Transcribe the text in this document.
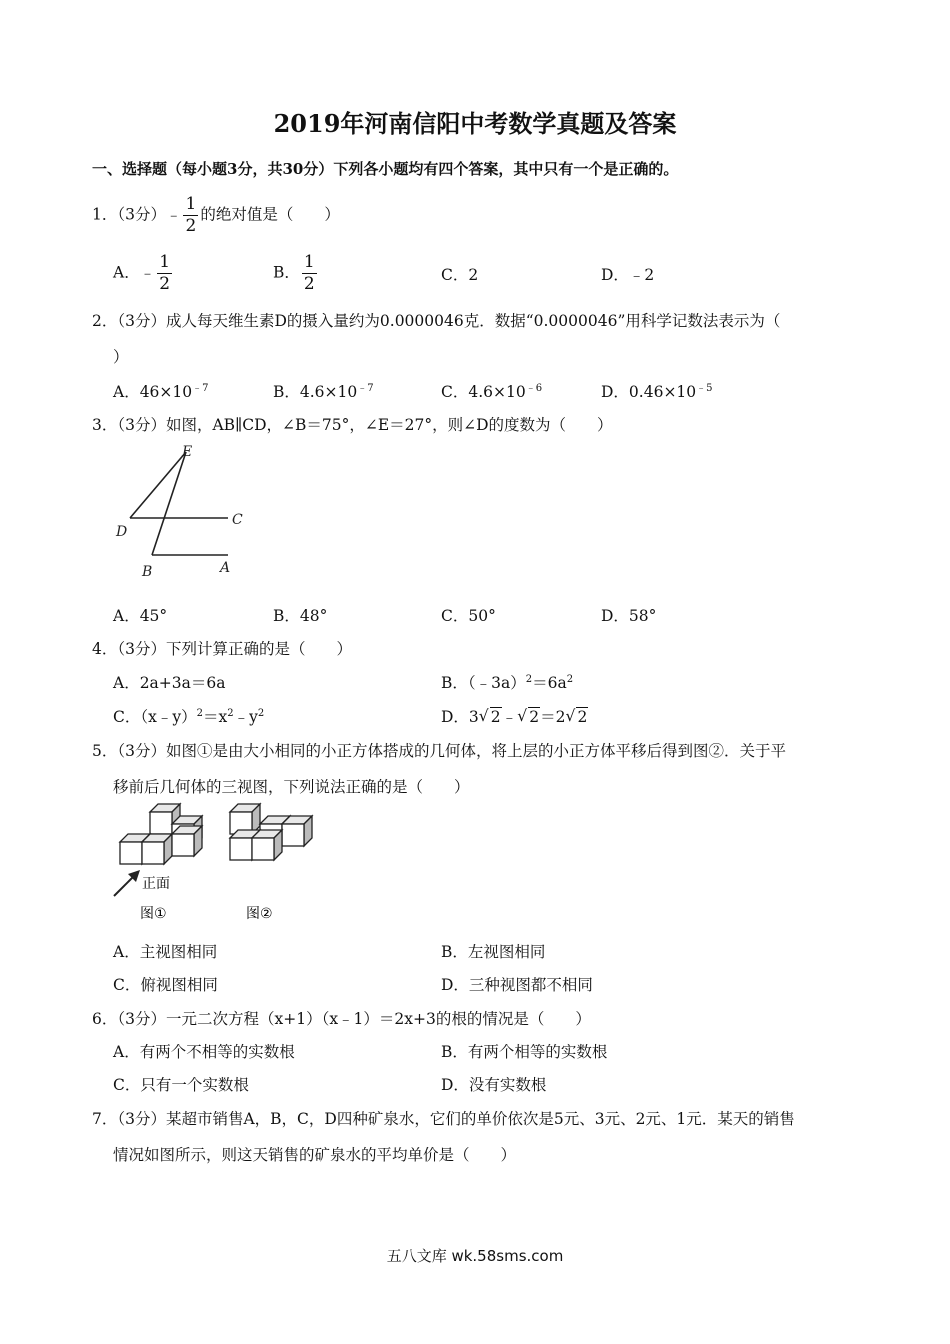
2019年河南信阳中考数学真题及答案
一、选择题（每小题3分，共30分）下列各小题均有四个答案，其中只有一个是正确的。
1．（3分）﹣ $\frac{1}{2}$ 的绝对值是（　　）
A．﹣ $\frac{1}{2}$	B． $\frac{1}{2}$	C．2	D．﹣2
2．（3分）成人每天维生素D的摄入量约为0.0000046克．数据“0.0000046”用科学记数法表示为（
）
A．$46\times 10^{﹣7}$	B．$4.6\times 10^{﹣7}$	C．$4.6\times 10^{﹣6}$	D．$0.46\times 10^{﹣5}$
3．（3分）如图，AB∥CD，∠B＝75°，∠E＝27°，则∠D的度数为（　　）
E
D
C
B	A
A．45°	B．48°	C．50°	D．58°
4．（3分）下列计算正确的是（　　）
A．2a+3a＝6a	B．$(﹣3a)^2=6a^2$
C．$(x﹣y)^2=x^2﹣y^2$	D．3 √ 2﹣ √ 2＝2 √ 2
5．（3分）如图①是由大小相同的小正方体搭成的几何体，将上层的小正方体平移后得到图②．关于平
移前后几何体的三视图，下列说法正确的是（　　）
正面
图①	图②
A．主视图相同	B．左视图相同
C．俯视图相同	D．三种视图都不相同
6．（3分）一元二次方程（x+1）（x﹣1）＝2x+3的根的情况是（　　）
A．有两个不相等的实数根	B．有两个相等的实数根
C．只有一个实数根	D．没有实数根
7．（3分）某超市销售A，B，C，D四种矿泉水，它们的单价依次是5元、3元、2元、1元．某天的销售
情况如图所示，则这天销售的矿泉水的平均单价是（　　）
五八文库 wk.58sms.com
